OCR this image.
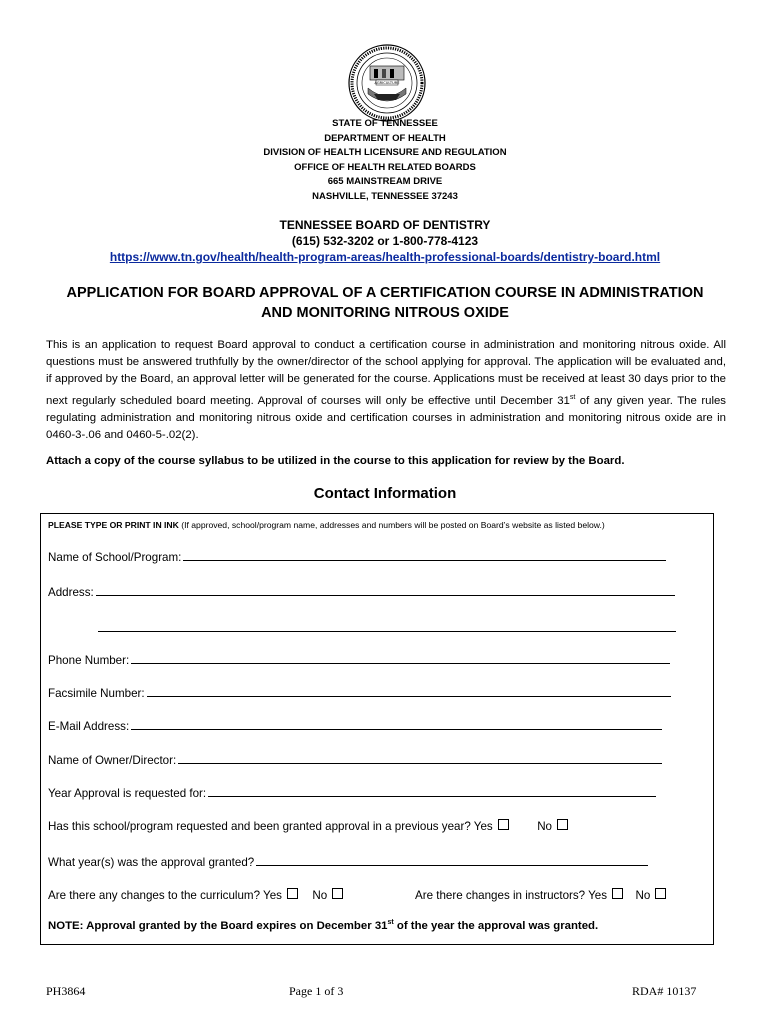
AGRICULTURE
STATE OF TENNESSEE
DEPARTMENT OF HEALTH
DIVISION OF HEALTH LICENSURE AND REGULATION
OFFICE OF HEALTH RELATED BOARDS
665 MAINSTREAM DRIVE
NASHVILLE, TENNESSEE 37243
TENNESSEE BOARD OF DENTISTRY
(615) 532-3202 or 1-800-778-4123
https://www.tn.gov/health/health-program-areas/health-professional-boards/dentistry-board.html
APPLICATION FOR BOARD APPROVAL OF A CERTIFICATION COURSE IN ADMINISTRATION
AND MONITORING NITROUS OXIDE
This is an application to request Board approval to conduct a certification course in administration and monitoring nitrous oxide. All questions must be answered truthfully by the owner/director of the school applying for approval. The application will be evaluated and, if approved by the Board, an approval letter will be generated for the course. Applications must be received at least 30 days prior to the next regularly scheduled board meeting. Approval of courses will only be effective until December 31st of any given year. The rules regulating administration and monitoring nitrous oxide and certification courses in administration and monitoring nitrous oxide are in 0460-3-.06 and 0460-5-.02(2).
Attach a copy of the course syllabus to be utilized in the course to this application for review by the Board.
Contact Information
PLEASE TYPE OR PRINT IN INK (If approved, school/program name, addresses and numbers will be posted on Board’s website as listed below.)
Name of School/Program:
Address:
Phone Number:
Facsimile Number:
E-Mail Address:
Name of Owner/Director:
Year Approval is requested for:
Has this school/program requested and been granted approval in a previous year? Yes	No
What year(s) was the approval granted?
Are there any changes to the curriculum? Yes	No	Are there changes in instructors? Yes No
NOTE: Approval granted by the Board expires on December 31st of the year the approval was granted.
PH3864	Page 1 of 3	RDA# 10137
